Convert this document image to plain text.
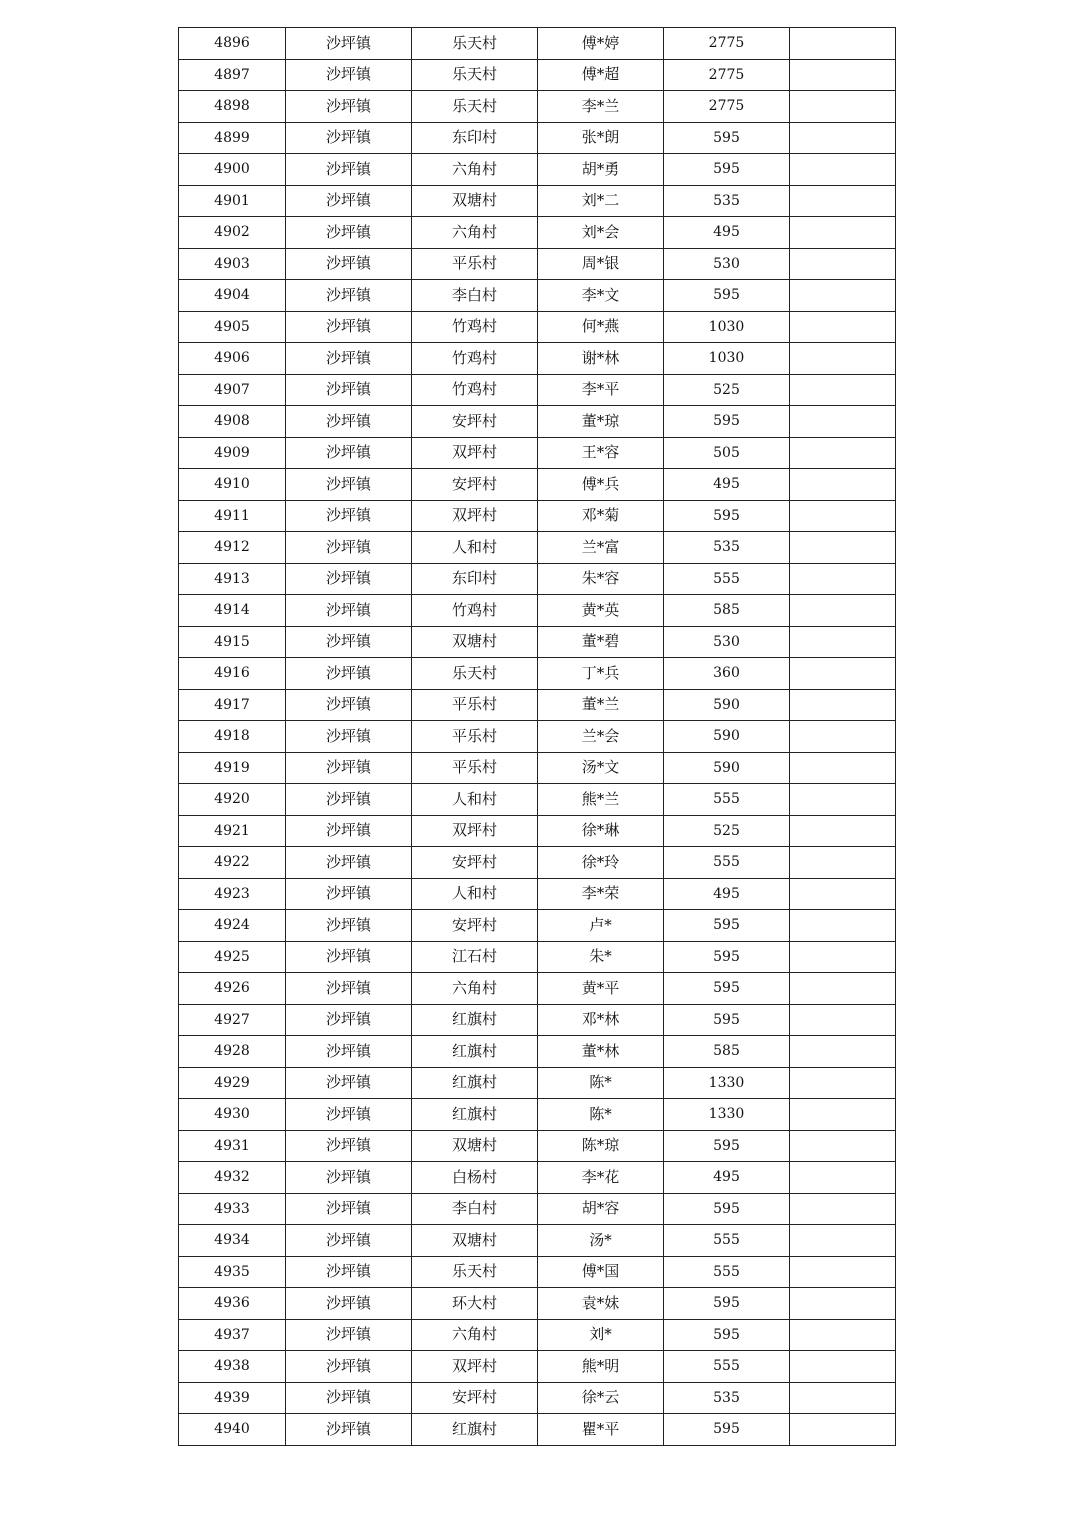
4896	沙坪镇	乐天村	傅*婷	2775	
4897	沙坪镇	乐天村	傅*超	2775	
4898	沙坪镇	乐天村	李*兰	2775	
4899	沙坪镇	东印村	张*朗	595	
4900	沙坪镇	六角村	胡*勇	595	
4901	沙坪镇	双塘村	刘*二	535	
4902	沙坪镇	六角村	刘*会	495	
4903	沙坪镇	平乐村	周*银	530	
4904	沙坪镇	李白村	李*文	595	
4905	沙坪镇	竹鸡村	何*燕	1030	
4906	沙坪镇	竹鸡村	谢*林	1030	
4907	沙坪镇	竹鸡村	李*平	525	
4908	沙坪镇	安坪村	董*琼	595	
4909	沙坪镇	双坪村	王*容	505	
4910	沙坪镇	安坪村	傅*兵	495	
4911	沙坪镇	双坪村	邓*菊	595	
4912	沙坪镇	人和村	兰*富	535	
4913	沙坪镇	东印村	朱*容	555	
4914	沙坪镇	竹鸡村	黄*英	585	
4915	沙坪镇	双塘村	董*碧	530	
4916	沙坪镇	乐天村	丁*兵	360	
4917	沙坪镇	平乐村	董*兰	590	
4918	沙坪镇	平乐村	兰*会	590	
4919	沙坪镇	平乐村	汤*文	590	
4920	沙坪镇	人和村	熊*兰	555	
4921	沙坪镇	双坪村	徐*琳	525	
4922	沙坪镇	安坪村	徐*玲	555	
4923	沙坪镇	人和村	李*荣	495	
4924	沙坪镇	安坪村	卢*	595	
4925	沙坪镇	江石村	朱*	595	
4926	沙坪镇	六角村	黄*平	595	
4927	沙坪镇	红旗村	邓*林	595	
4928	沙坪镇	红旗村	董*林	585	
4929	沙坪镇	红旗村	陈*	1330	
4930	沙坪镇	红旗村	陈*	1330	
4931	沙坪镇	双塘村	陈*琼	595	
4932	沙坪镇	白杨村	李*花	495	
4933	沙坪镇	李白村	胡*容	595	
4934	沙坪镇	双塘村	汤*	555	
4935	沙坪镇	乐天村	傅*国	555	
4936	沙坪镇	环大村	袁*妹	595	
4937	沙坪镇	六角村	刘*	595	
4938	沙坪镇	双坪村	熊*明	555	
4939	沙坪镇	安坪村	徐*云	535	
4940	沙坪镇	红旗村	瞿*平	595	
